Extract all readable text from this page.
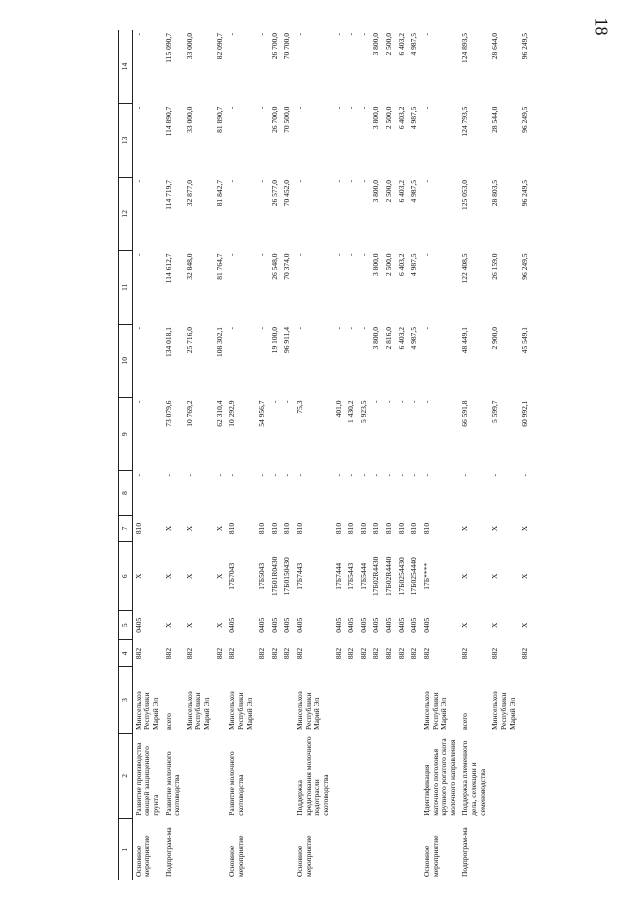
18
1	2	3	4	5	6	7	8	9	10	11	12	13	14
Основное мероприятие	Развитие производства овощей защищенного грунта	Минсельхоз Республики Марий Эл	882	0405	X	810	-	-	-	-	-	-	-
Подпрограм-ма	Развитие молочного скотоводства	всего	882	X	X	X	-	73 079,6	134 018,1	114 612,7	114 719,7	114 890,7	115 090,7
		Минсельхоз Республики Марий Эл	882	X	X	X	-	10 769,2	25 716,0	32 848,0	32 877,0	33 000,0	33 000,0
			882	X	X	X	-	62 310,4	108 302,1	81 764,7	81 842,7	81 890,7	82 090,7
Основное мероприятие	Развитие молочного скотоводства	Минсельхоз Республики Марий Эл	882	0405	17Б7043	810	-	10 292,9	-	-	-	-	-
			882	0405	17Б5043	810	-	54 956,7	-	-	-	-	-
			882	0405	17Б01R0430	810	-	-	19 100,0	26 548,0	26 577,0	26 700,0	26 700,0
			882	0405	17Б0150430	810	-	-	96 911,4	70 374,0	70 452,0	70 500,0	70 700,0
Основное мероприятие	Поддержка кредитования молочного подотрасли скотоводства	Минсельхоз Республики Марий Эл	882	0405	17Б7443	810	-	75,3	-	-	-	-	-
			882	0405	17Б7444	810	-	401,0	-	-	-	-	-
			882	0405	17Б5443	810	-	1 430,2	-	-	-	-	-
			882	0405	17Б5444	810	-	5 923,5	-	-	-	-	-
			882	0405	17Б02R4430	810	-	-	3 800,0	3 800,0	3 800,0	3 800,0	3 800,0
			882	0405	17Б02R4440	810	-	-	2 816,0	2 500,0	2 500,0	2 500,0	2 500,0
			882	0405	17Б0254430	810	-	-	6 403,2	6 403,2	6 403,2	6 403,2	6 403,2
			882	0405	17Б0254440	810	-	-	4 987,5	4 987,5	4 987,5	4 987,5	4 987,5
Основное мероприятие	Идентификация маточного поголовья крупного рогатого скота молочного направления	Минсельхоз Республики Марий Эл	882	0405	17Б****	810	-	-	-	-	-	-	-
Подпрограм-ма	Поддержка племенного дела, селекции и семеноводства	всего	882	X	X	X	-	66 591,8	48 449,1	122 408,5	125 053,0	124 793,5	124 893,5
		Минсельхоз Республики Марий Эл	882	X	X	X	-	5 599,7	2 900,0	26 159,0	28 803,5	28 544,0	28 644,0
			882	X	X	X	-	60 992,1	45 549,1	96 249,5	96 249,5	96 249,5	96 249,5
